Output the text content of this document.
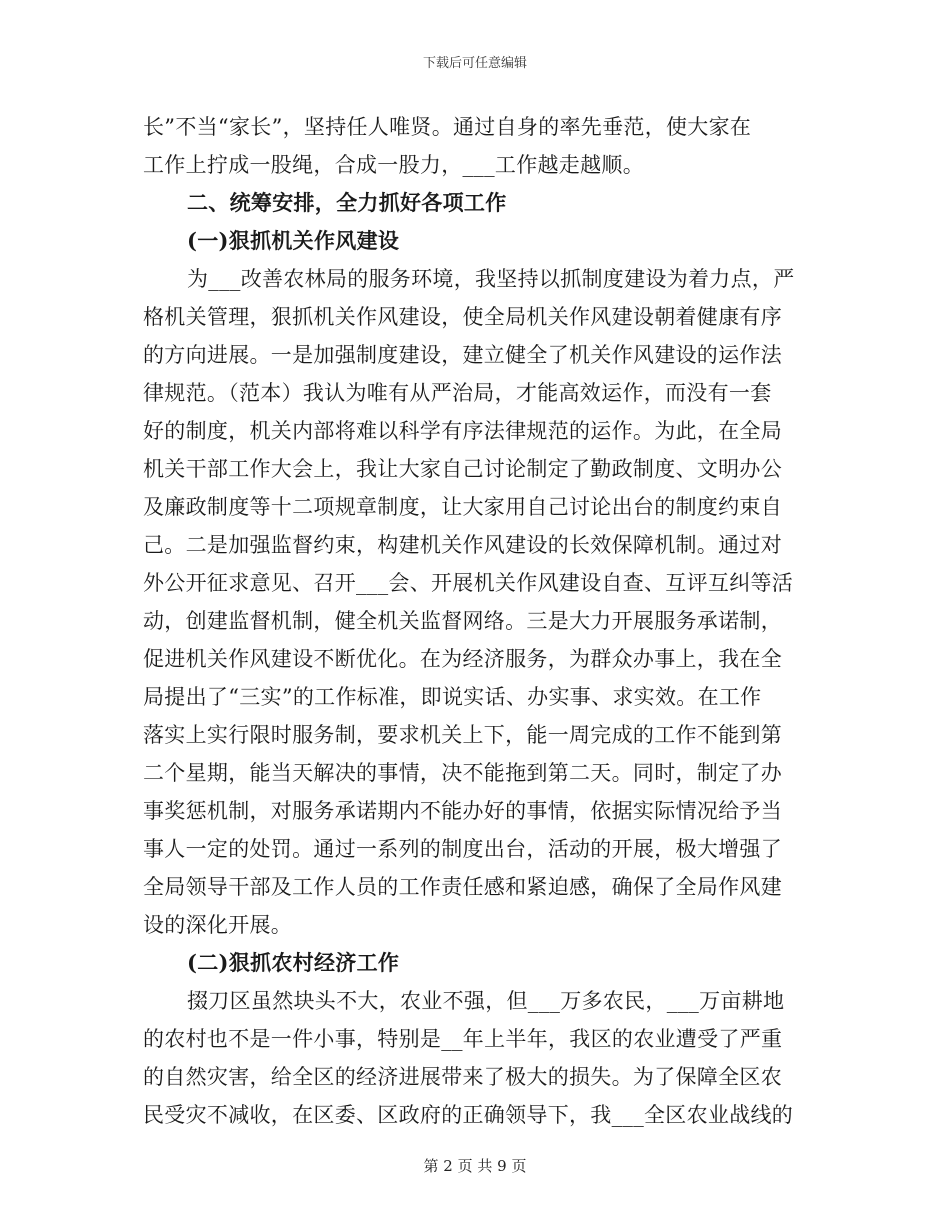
下载后可任意编辑
长”不当“家长”，坚持任人唯贤。通过自身的率先垂范，使大家在
工作上拧成一股绳，合成一股力，___工作越走越顺。
二、统筹安排，全力抓好各项工作
(一)狠抓机关作风建设
为___改善农林局的服务环境，我坚持以抓制度建设为着力点，严
格机关管理，狠抓机关作风建设，使全局机关作风建设朝着健康有序
的方向进展。一是加强制度建设，建立健全了机关作风建设的运作法
律规范。（范本）我认为唯有从严治局，才能高效运作，而没有一套
好的制度，机关内部将难以科学有序法律规范的运作。为此，在全局
机关干部工作大会上，我让大家自己讨论制定了勤政制度、文明办公
及廉政制度等十二项规章制度，让大家用自己讨论出台的制度约束自
己。二是加强监督约束，构建机关作风建设的长效保障机制。通过对
外公开征求意见、召开___会、开展机关作风建设自查、互评互纠等活
动，创建监督机制，健全机关监督网络。三是大力开展服务承诺制，
促进机关作风建设不断优化。在为经济服务，为群众办事上，我在全
局提出了“三实”的工作标准，即说实话、办实事、求实效。在工作
落实上实行限时服务制，要求机关上下，能一周完成的工作不能到第
二个星期，能当天解决的事情，决不能拖到第二天。同时，制定了办
事奖惩机制，对服务承诺期内不能办好的事情，依据实际情况给予当
事人一定的处罚。通过一系列的制度出台，活动的开展，极大增强了
全局领导干部及工作人员的工作责任感和紧迫感，确保了全局作风建
设的深化开展。
(二)狠抓农村经济工作
掇刀区虽然块头不大，农业不强，但___万多农民，___万亩耕地
的农村也不是一件小事，特别是__年上半年，我区的农业遭受了严重
的自然灾害，给全区的经济进展带来了极大的损失。为了保障全区农
民受灾不减收，在区委、区政府的正确领导下，我___全区农业战线的
第 2 页 共 9 页
